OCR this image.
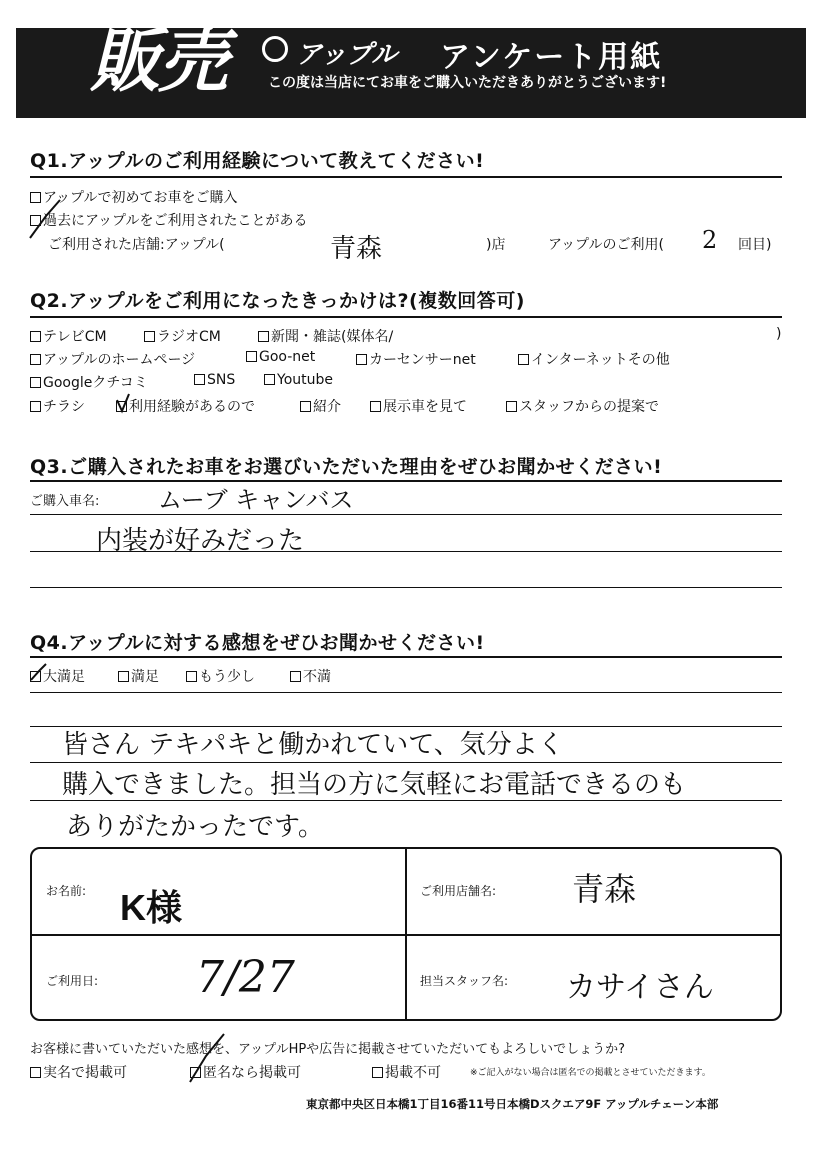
販売	アップル アンケート用紙
この度は当店にてお車をご購入いただきありがとうございます!
Q1.アップルのご利用経験について教えてください!
アップルで初めてお車をご購入
過去にアップルをご利用されたことがある
ご利用された店舗:アップル(	青森	)店	アップルのご利用( 2 回目)
Q2.アップルをご利用になったきっかけは?(複数回答可)
テレビCM	ラジオCM	新聞・雑誌(媒体名/	)
アップルのホームページ	Goo-net	カーセンサーnet	インターネットその他
Googleクチコミ	SNS	Youtube
チラシ	利用経験があるので	紹介	展示車を見て	スタッフからの提案で
Q3.ご購入されたお車をお選びいただいた理由をぜひお聞かせください!
ご購入車名: ムーブ キャンバス
内装が好みだった
Q4.アップルに対する感想をぜひお聞かせください!
大満足	満足	もう少し	不満
皆さん テキパキと働かれていて、気分よく
購入できました。担当の方に気軽にお電話できるのも
ありがたかったです。
お名前: K様	ご利用店舗名: 青森
ご利用日: 7/27	担当スタッフ名: カサイさん
お客様に書いていただいた感想を、アップルHPや広告に掲載させていただいてもよろしいでしょうか?
実名で掲載可	匿名なら掲載可	掲載不可	※ご記入がない場合は匿名での掲載とさせていただきます。
東京都中央区日本橋1丁目16番11号日本橋Dスクエア9F アップルチェーン本部
